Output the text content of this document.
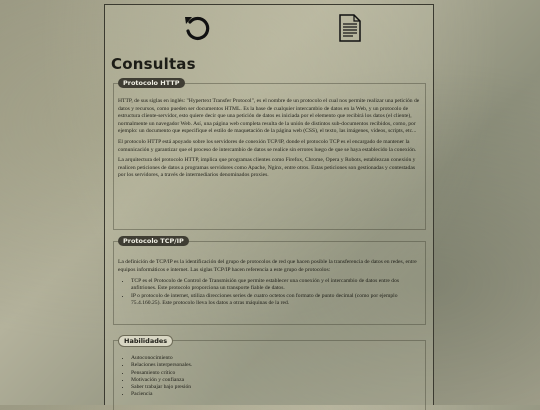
Consultas
Protocolo HTTP

HTTP, de sus siglas en inglés: "Hypertext Transfer Protocol", es el nombre de un protocolo el cual nos permite realizar una petición de datos y recursos, como pueden ser documentos HTML. Es la base de cualquier intercambio de datos en la Web, y un protocolo de estructura cliente-servidor, esto quiere decir que una petición de datos es iniciada por el elemento que recibirá los datos (el cliente), normalmente un navegador Web. Así, una página web completa resulta de la unión de distintos sub-documentos recibidos, como, por ejemplo: un documento que especifique el estilo de maquetación de la página web (CSS), el texto, las imágenes, vídeos, scripts, etc...

El protocolo HTTP está apoyado sobre los servidores de conexión TCP/IP, donde el protocolo TCP es el encargado de mantener la comunicación y garantizar que el proceso de intercambio de datos se realice sin errores luego de que se haya establecido la conexión.

La arquitectura del protocolo HTTP, implica que programas clientes como Firefox, Chrome, Opera y Robots, establezcan conexión y realicen peticiones de datos a programas servidores como Apache, Nginx, entre otros. Estas peticiones son gestionadas y contestadas por los servidores, a través de intermediarios denominados proxies.

Protocolo TCP/IP

La definición de TCP/IP es la identificación del grupo de protocolos de red que hacen posible la transferencia de datos en redes, entre equipos informáticos e internet. Las siglas TCP/IP hacen referencia a este grupo de protocolos:

• TCP es el Protocolo de Control de Transmisión que permite establecer una conexión y el intercambio de datos entre dos anfitriones. Este protocolo proporciona un transporte fiable de datos.
• IP o protocolo de internet, utiliza direcciones series de cuatro octetos con formato de punto decimal (como por ejemplo 75.4.160.25). Este protocolo lleva los datos a otras máquinas de la red.
Habilidades
• Autoconocimiento
• Relaciones interpersonales.
• Pensamiento crítico
• Motivación y confianza
• Saber trabajar bajo presión
• Paciencia
